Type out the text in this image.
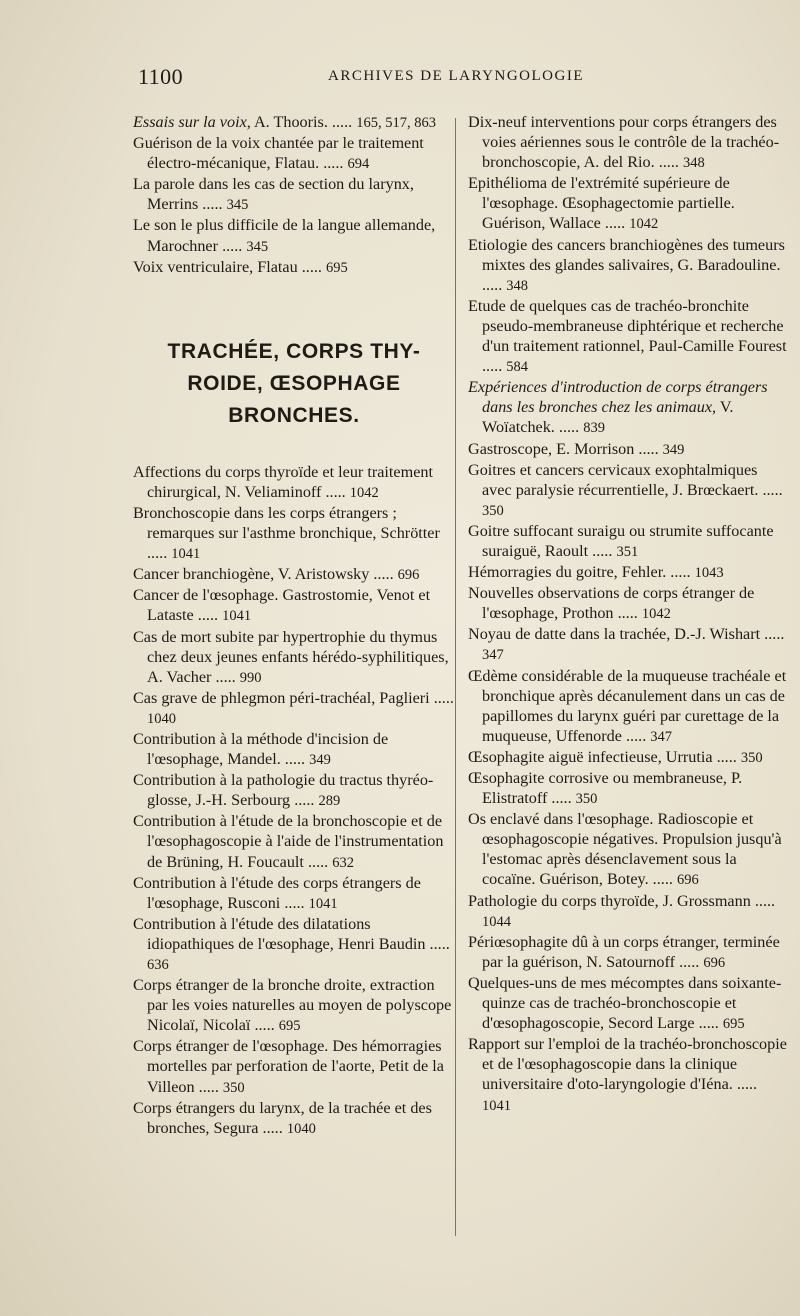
1100	ARCHIVES DE LARYNGOLOGIE

Essais sur la voix, A. Thooris. ..... 165, 517, 863

Guérison de la voix chantée par le traitement électro-mécanique, Flatau. ..... 694

La parole dans les cas de section du larynx, Merrins ..... 345

Le son le plus difficile de la langue allemande, Marochner ..... 345

Voix ventriculaire, Flatau ..... 695

TRACHÉE, CORPS THY-
ROIDE, ŒSOPHAGE
BRONCHES.

Affections du corps thyroïde et leur traitement chirurgical, N. Veliaminoff ..... 1042

Bronchoscopie dans les corps étrangers ; remarques sur l'asthme bronchique, Schrötter ..... 1041

Cancer branchiogène, V. Aristowsky ..... 696

Cancer de l'œsophage. Gastrostomie, Venot et Lataste ..... 1041

Cas de mort subite par hypertrophie du thymus chez deux jeunes enfants hérédo-syphilitiques, A. Vacher ..... 990

Cas grave de phlegmon péri-trachéal, Paglieri ..... 1040

Contribution à la méthode d'incision de l'œsophage, Mandel. ..... 349

Contribution à la pathologie du tractus thyréo-glosse, J.-H. Serbourg ..... 289

Contribution à l'étude de la bronchoscopie et de l'œsophagoscopie à l'aide de l'instrumentation de Brüning, H. Foucault ..... 632

Contribution à l'étude des corps étrangers de l'œsophage, Rusconi ..... 1041

Contribution à l'étude des dilatations idiopathiques de l'œsophage, Henri Baudin ..... 636

Corps étranger de la bronche droite, extraction par les voies naturelles au moyen de polyscope Nicolaï, Nicolaï ..... 695

Corps étranger de l'œsophage. Des hémorragies mortelles par perforation de l'aorte, Petit de la Villeon ..... 350

Corps étrangers du larynx, de la trachée et des bronches, Segura ..... 1040

Dix-neuf interventions pour corps étrangers des voies aériennes sous le contrôle de la trachéo-bronchoscopie, A. del Rio. ..... 348

Epithélioma de l'extrémité supérieure de l'œsophage. Œsophagectomie partielle. Guérison, Wallace ..... 1042

Etiologie des cancers branchiogènes des tumeurs mixtes des glandes salivaires, G. Baradouline. ..... 348

Etude de quelques cas de trachéo-bronchite pseudo-membraneuse diphtérique et recherche d'un traitement rationnel, Paul-Camille Fourest ..... 584

Expériences d'introduction de corps étrangers dans les bronches chez les animaux, V. Woïatchek. ..... 839

Gastroscope, E. Morrison ..... 349

Goitres et cancers cervicaux exophtalmiques avec paralysie récurrentielle, J. Brœckaert. ..... 350

Goitre suffocant suraigu ou strumite suffocante suraiguë, Raoult ..... 351

Hémorragies du goitre, Fehler. ..... 1043

Nouvelles observations de corps étranger de l'œsophage, Prothon ..... 1042

Noyau de datte dans la trachée, D.-J. Wishart ..... 347

Œdème considérable de la muqueuse trachéale et bronchique après décanulement dans un cas de papillomes du larynx guéri par curettage de la muqueuse, Uffenorde ..... 347

Œsophagite aiguë infectieuse, Urrutia ..... 350

Œsophagite corrosive ou membraneuse, P. Elistratoff ..... 350

Os enclavé dans l'œsophage. Radioscopie et œsophagoscopie négatives. Propulsion jusqu'à l'estomac après désenclavement sous la cocaïne. Guérison, Botey. ..... 696

Pathologie du corps thyroïde, J. Grossmann ..... 1044

Périœsophagite dû à un corps étranger, terminée par la guérison, N. Satournoff ..... 696

Quelques-uns de mes mécomptes dans soixante-quinze cas de trachéo-bronchoscopie et d'œsophagoscopie, Secord Large ..... 695

Rapport sur l'emploi de la trachéo-bronchoscopie et de l'œsophagoscopie dans la clinique universitaire d'oto-laryngologie d'Iéna. ..... 1041
